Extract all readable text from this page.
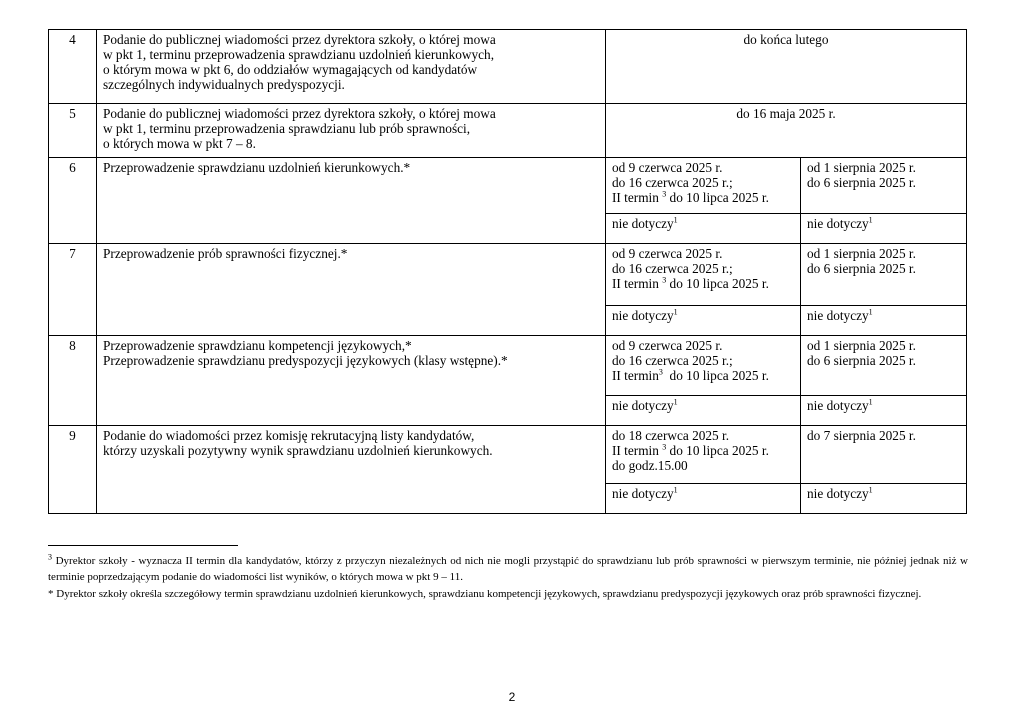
4	Podanie do publicznej wiadomości przez dyrektora szkoły, o której mowa
w pkt 1, terminu przeprowadzenia sprawdzianu uzdolnień kierunkowych,
o którym mowa w pkt 6, do oddziałów wymagających od kandydatów
szczególnych indywidualnych predyspozycji.	do końca lutego	
5	Podanie do publicznej wiadomości przez dyrektora szkoły, o której mowa
w pkt 1, terminu przeprowadzenia sprawdzianu lub prób sprawności,
o których mowa w pkt 7 – 8.	do 16 maja 2025 r.	
6	Przeprowadzenie sprawdzianu uzdolnień kierunkowych.*	od 9 czerwca 2025 r.
do 16 czerwca 2025 r.;
II termin $^3$ do 10 lipca 2025 r.	od 1 sierpnia 2025 r.
do 6 sierpnia 2025 r.

		nie dotyczy$^1$	nie dotyczy$^1$
7	Przeprowadzenie prób sprawności fizycznej.*	od 9 czerwca 2025 r.
do 16 czerwca 2025 r.;
II termin $^3$ do 10 lipca 2025 r.	od 1 sierpnia 2025 r.
do 6 sierpnia 2025 r.

		nie dotyczy$^1$	nie dotyczy$^1$
8	Przeprowadzenie sprawdzianu kompetencji językowych,*
Przeprowadzenie sprawdzianu predyspozycji językowych (klasy wstępne).*	od 9 czerwca 2025 r.
do 16 czerwca 2025 r.;
II termin$^3$ do 10 lipca 2025 r.	od 1 sierpnia 2025 r.
do 6 sierpnia 2025 r.

		nie dotyczy$^1$	nie dotyczy$^1$
9	Podanie do wiadomości przez komisję rekrutacyjną listy kandydatów,
którzy uzyskali pozytywny wynik sprawdzianu uzdolnień kierunkowych.	do 18 czerwca 2025 r.
II termin $^3$ do 10 lipca 2025 r.
do godz.15.00	do 7 sierpnia 2025 r.

		nie dotyczy$^1$	nie dotyczy$^1$

$^3$ Dyrektor szkoły - wyznacza II termin dla kandydatów, którzy z przyczyn niezależnych od nich nie mogli przystąpić do sprawdzianu lub prób sprawności w pierwszym terminie, nie później jednak niż w terminie poprzedzającym podanie do wiadomości list wyników, o których mowa w pkt 9 – 11.

* Dyrektor szkoły określa szczegółowy termin sprawdzianu uzdolnień kierunkowych, sprawdzianu kompetencji językowych, sprawdzianu predyspozycji językowych oraz prób sprawności fizycznej.

2
